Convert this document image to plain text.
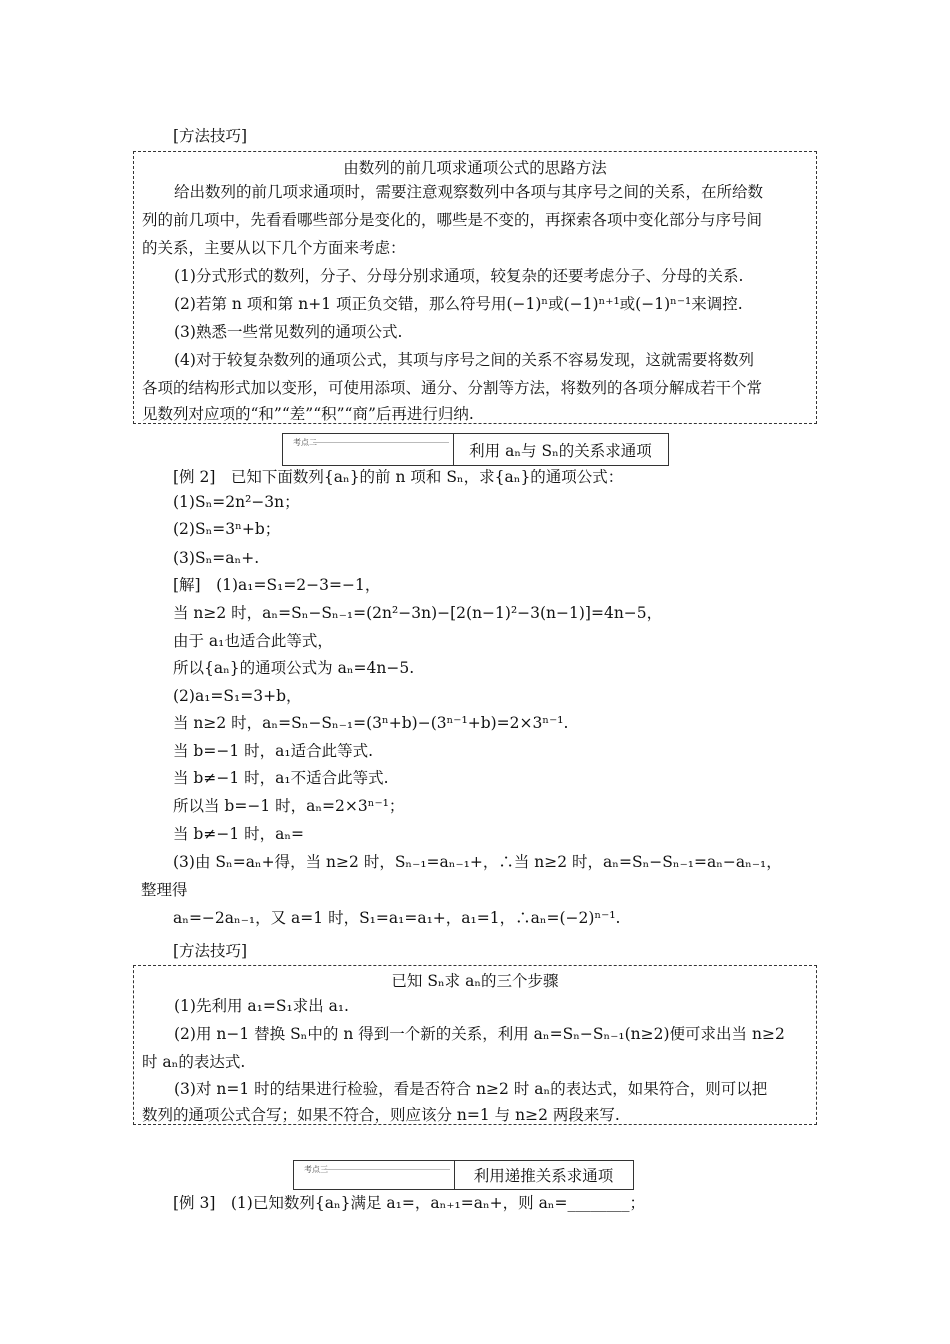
[方法技巧]
由数列的前几项求通项公式的思路方法
给出数列的前几项求通项时，需要注意观察数列中各项与其序号之间的关系，在所给数
列的前几项中，先看看哪些部分是变化的，哪些是不变的，再探索各项中变化部分与序号间
的关系，主要从以下几个方面来考虑：
(1)分式形式的数列，分子、分母分别求通项，较复杂的还要考虑分子、分母的关系.
(2)若第 n 项和第 n+1 项正负交错，那么符号用(−1)ⁿ或(−1)ⁿ⁺¹或(−1)ⁿ⁻¹来调控.
(3)熟悉一些常见数列的通项公式.
(4)对于较复杂数列的通项公式，其项与序号之间的关系不容易发现，这就需要将数列
各项的结构形式加以变形，可使用添项、通分、分割等方法，将数列的各项分解成若干个常
见数列对应项的“和”“差”“积”“商”后再进行归纳.
考点二	利用 aₙ与 Sₙ的关系求通项
[例 2]　已知下面数列{aₙ}的前 n 项和 Sₙ，求{aₙ}的通项公式：
(1)Sₙ=2n²−3n；
(2)Sₙ=3ⁿ+b；
(3)Sₙ=aₙ+.
[解]　(1)a₁=S₁=2−3=−1，
当 n≥2 时，aₙ=Sₙ−Sₙ₋₁=(2n²−3n)−[2(n−1)²−3(n−1)]=4n−5，
由于 a₁也适合此等式，
所以{aₙ}的通项公式为 aₙ=4n−5.
(2)a₁=S₁=3+b，
当 n≥2 时，aₙ=Sₙ−Sₙ₋₁=(3ⁿ+b)−(3ⁿ⁻¹+b)=2×3ⁿ⁻¹.
当 b=−1 时，a₁适合此等式.
当 b≠−1 时，a₁不适合此等式.
所以当 b=−1 时，aₙ=2×3ⁿ⁻¹；
当 b≠−1 时，aₙ=
(3)由 Sₙ=aₙ+得，当 n≥2 时，Sₙ₋₁=aₙ₋₁+，∴当 n≥2 时，aₙ=Sₙ−Sₙ₋₁=aₙ−aₙ₋₁，
整理得
aₙ=−2aₙ₋₁，又 a=1 时，S₁=a₁=a₁+，a₁=1，∴aₙ=(−2)ⁿ⁻¹.
[方法技巧]
已知 Sₙ求 aₙ的三个步骤
(1)先利用 a₁=S₁求出 a₁.
(2)用 n−1 替换 Sₙ中的 n 得到一个新的关系，利用 aₙ=Sₙ−Sₙ₋₁(n≥2)便可求出当 n≥2
时 aₙ的表达式.
(3)对 n=1 时的结果进行检验，看是否符合 n≥2 时 aₙ的表达式，如果符合，则可以把
数列的通项公式合写；如果不符合，则应该分 n=1 与 n≥2 两段来写.
考点三	利用递推关系求通项
[例 3]　(1)已知数列{aₙ}满足 a₁=，aₙ₊₁=aₙ+，则 aₙ=________；
